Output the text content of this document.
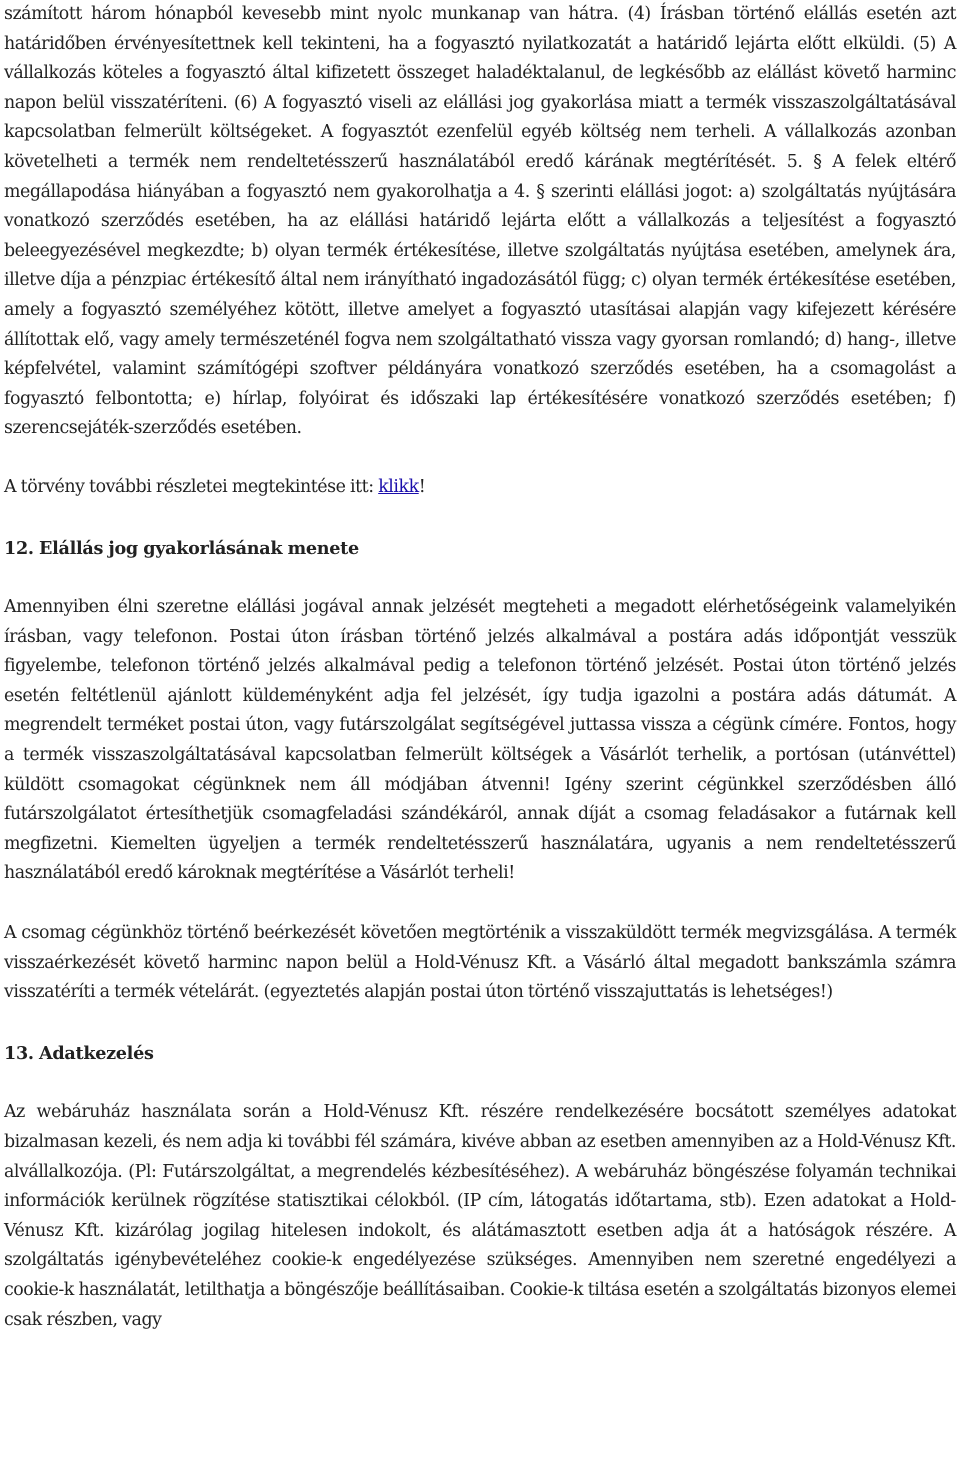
számított három hónapból kevesebb mint nyolc munkanap van hátra. (4) Írásban történő elállás esetén azt határidőben érvényesítettnek kell tekinteni, ha a fogyasztó nyilatkozatát a határidő lejárta előtt elküldi. (5) A vállalkozás köteles a fogyasztó által kifizetett összeget haladéktalanul, de legkésőbb az elállást követő harminc napon belül visszatéríteni. (6) A fogyasztó viseli az elállási jog gyakorlása miatt a termék visszaszolgáltatásával kapcsolatban felmerült költségeket. A fogyasztót ezenfelül egyéb költség nem terheli. A vállalkozás azonban követelheti a termék nem rendeltetésszerű használatából eredő kárának megtérítését. 5. § A felek eltérő megállapodása hiányában a fogyasztó nem gyakorolhatja a 4. § szerinti elállási jogot: a) szolgáltatás nyújtására vonatkozó szerződés esetében, ha az elállási határidő lejárta előtt a vállalkozás a teljesítést a fogyasztó beleegyezésével megkezdte; b) olyan termék értékesítése, illetve szolgáltatás nyújtása esetében, amelynek ára, illetve díja a pénzpiac értékesítő által nem irányítható ingadozásától függ; c) olyan termék értékesítése esetében, amely a fogyasztó személyéhez kötött, illetve amelyet a fogyasztó utasításai alapján vagy kifejezett kérésére állítottak elő, vagy amely természeténél fogva nem szolgáltatható vissza vagy gyorsan romlandó; d) hang-, illetve képfelvétel, valamint számítógépi szoftver példányára vonatkozó szerződés esetében, ha a csomagolást a fogyasztó felbontotta; e) hírlap, folyóirat és időszaki lap értékesítésére vonatkozó szerződés esetében; f) szerencsejáték-szerződés esetében.

A törvény további részletei megtekintése itt: klikk!

12. Elállás jog gyakorlásának menete

Amennyiben élni szeretne elállási jogával annak jelzését megteheti a megadott elérhetőségeink valamelyikén írásban, vagy telefonon. Postai úton írásban történő jelzés alkalmával a postára adás időpontját vesszük figyelembe, telefonon történő jelzés alkalmával pedig a telefonon történő jelzését. Postai úton történő jelzés esetén feltétlenül ajánlott küldeményként adja fel jelzését, így tudja igazolni a postára adás dátumát. A megrendelt terméket postai úton, vagy futárszolgálat segítségével juttassa vissza a cégünk címére. Fontos, hogy a termék visszaszolgáltatásával kapcsolatban felmerült költségek a Vásárlót terhelik, a portósan (utánvéttel) küldött csomagokat cégünknek nem áll módjában átvenni! Igény szerint cégünkkel szerződésben álló futárszolgálatot értesíthetjük csomagfeladási szándékáról, annak díját a csomag feladásakor a futárnak kell megfizetni. Kiemelten ügyeljen a termék rendeltetésszerű használatára, ugyanis a nem rendeltetésszerű használatából eredő károknak megtérítése a Vásárlót terheli!

A csomag cégünkhöz történő beérkezését követően megtörténik a visszaküldött termék megvizsgálása. A termék visszaérkezését követő harminc napon belül a Hold-Vénusz Kft. a Vásárló által megadott bankszámla számra visszatéríti a termék vételárát. (egyeztetés alapján postai úton történő visszajuttatás is lehetséges!)

13. Adatkezelés

Az webáruház használata során a Hold-Vénusz Kft. részére rendelkezésére bocsátott személyes adatokat bizalmasan kezeli, és nem adja ki további fél számára, kivéve abban az esetben amennyiben az a Hold-Vénusz Kft. alvállalkozója. (Pl: Futárszolgáltat, a megrendelés kézbesítéséhez). A webáruház böngészése folyamán technikai információk kerülnek rögzítése statisztikai célokból. (IP cím, látogatás időtartama, stb). Ezen adatokat a Hold-Vénusz Kft. kizárólag jogilag hitelesen indokolt, és alátámasztott esetben adja át a hatóságok részére. A szolgáltatás igénybevételéhez cookie-k engedélyezése szükséges. Amennyiben nem szeretné engedélyezi a cookie-k használatát, letilthatja a böngészője beállításaiban. Cookie-k tiltása esetén a szolgáltatás bizonyos elemei csak részben, vagy
